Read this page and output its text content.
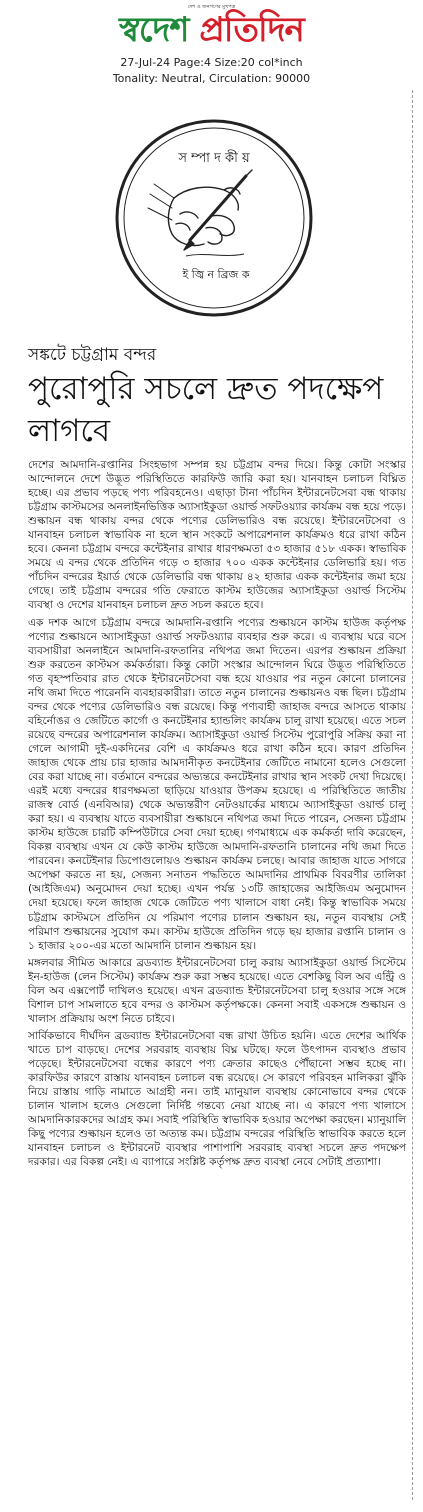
দেশ ও জনগণের মুখপত্র
স্বদেশ প্রতিদিন
27-Jul-24 Page:4 Size:20 col*inch
Tonality: Neutral, Circulation: 90000
স ম্পা দ কী য়
ই জ্বি ন ব্রিজ ক
সঙ্কটে চট্টগ্রাম বন্দর
পুরোপুরি সচলে দ্রুত পদক্ষেপ লাগবে

দেশের আমদানি-রপ্তানির সিংহভাগ সম্পন্ন হয় চট্টগ্রাম বন্দর দিয়ে। কিন্তু কোটা সংস্কার আন্দোলনে দেশে উদ্ভূত পরিস্থিতিতে কারফিউ জারি করা হয়। যানবাহন চলাচল বিঘ্নিত হচ্ছে। এর প্রভাব পড়ছে পণ্য পরিবহনেও। এছাড়া টানা পাঁচদিন ইন্টারনেটসেবা বন্ধ থাকায় চট্টগ্রাম কাস্টমসের অনলাইনভিত্তিক অ্যাসাইকুডা ওয়ার্ল্ড সফটওয়্যার কার্যক্রম বন্ধ হয়ে পড়ে। শুল্কায়ন বন্ধ থাকায় বন্দর থেকে পণ্যের ডেলিভারিও বন্ধ রয়েছে। ইন্টারনেটসেবা ও যানবাহন চলাচল স্বাভাবিক না হলে স্থান সংকটে অপারেশনাল কার্যক্রমও ধরে রাখা কঠিন হবে। কেননা চট্টগ্রাম বন্দরে কন্টেইনার রাখার ধারণক্ষমতা ৫৩ হাজার ৫১৮ একক। স্বাভাবিক সময়ে এ বন্দর থেকে প্রতিদিন গড়ে ৩ হাজার ৭০০ একক কন্টেইনার ডেলিভারি হয়। গত পাঁচদিন বন্দরের ইয়ার্ড থেকে ডেলিভারি বন্ধ থাকায় ৪২ হাজার একক কন্টেইনার জমা হয়ে গেছে। তাই চট্টগ্রাম বন্দরের গতি ফেরাতে কাস্টম হাউজের অ্যাসাইকুডা ওয়ার্ল্ড সিস্টেম ব্যবস্থা ও দেশের যানবাহন চলাচল দ্রুত সচল করতে হবে।

এক দশক আগে চট্টগ্রাম বন্দরে আমদানি-রপ্তানি পণ্যের শুল্কায়নে কাস্টম হাউজ কর্তৃপক্ষ পণ্যের শুল্কায়নে অ্যাসাইকুডা ওয়ার্ল্ড সফটওয়্যার ব্যবহার শুরু করে। এ ব্যবস্থায় ঘরে বসে ব্যবসায়ীরা অনলাইনে আমদানি-রফতানির নথিপত্র জমা দিতেন। এরপর শুল্কায়ন প্রক্রিয়া শুরু করতেন কাস্টমস কর্মকর্তারা। কিন্তু কোটা সংস্কার আন্দোলন ঘিরে উদ্ভূত পরিস্থিতিতে গত বৃহস্পতিবার রাত থেকে ইন্টারনেটসেবা বন্ধ হয়ে যাওয়ার পর নতুন কোনো চালানের নথি জমা দিতে পারেননি ব্যবহারকারীরা। তাতে নতুন চালানের শুল্কায়নও বন্ধ ছিল। চট্টগ্রাম বন্দর থেকে পণ্যের ডেলিভারিও বন্ধ রয়েছে। কিন্তু পণ্যবাহী জাহাজ বন্দরে আসতে থাকায় বহির্নোঙর ও জেটিতে কার্গো ও কনটেইনার হ্যান্ডলিং কার্যক্রম চালু রাখা হয়েছে। এতে সচল রয়েছে বন্দরের অপারেশনাল কার্যক্রম। অ্যাসাইকুডা ওয়ার্ল্ড সিস্টেম পুরোপুরি সক্রিয় করা না গেলে আগামী দুই-একদিনের বেশি এ কার্যক্রমও ধরে রাখা কঠিন হবে। কারণ প্রতিদিন জাহাজ থেকে প্রায় চার হাজার আমদানীকৃত কনটেইনার জেটিতে নামানো হলেও সেগুলো বের করা যাচ্ছে না। বর্তমানে বন্দরের অভ্যন্তরে কনটেইনার রাখার স্থান সংকট দেখা দিয়েছে। এরই মধ্যে বন্দরের ধারণক্ষমতা ছাড়িয়ে যাওয়ার উপক্রম হয়েছে। এ পরিস্থিতিতে জাতীয় রাজস্ব বোর্ড (এনবিআর) থেকে অভ্যন্তরীণ নেটওয়ার্কের মাধ্যমে অ্যাসাইকুডা ওয়ার্ল্ড চালু করা হয়। এ ব্যবস্থায় যাতে ব্যবসায়ীরা শুল্কায়নে নথিপত্র জমা দিতে পারেন, সেজন্য চট্টগ্রাম কাস্টম হাউজে চারটি কম্পিউটারে সেবা দেয়া হচ্ছে। গণমাধ্যমে এক কর্মকর্তা দাবি করেছেন, বিকল্প ব্যবস্থায় এখন যে কেউ কাস্টম হাউজে আমদানি-রফতানি চালানের নথি জমা দিতে পারবেন। কনটেইনার ডিপোগুলোয়ও শুল্কায়ন কার্যক্রম চলছে। আবার জাহাজ যাতে সাগরে অপেক্ষা করতে না হয়, সেজন্য সনাতন পদ্ধতিতে আমদানির প্রাথমিক বিবরণীর তালিকা (আইজিএম) অনুমোদন দেয়া হচ্ছে। এখন পর্যন্ত ১৩টি জাহাজের আইজিএম অনুমোদন দেয়া হয়েছে। ফলে জাহাজ থেকে জেটিতে পণ্য খালাসে বাধা নেই। কিন্তু স্বাভাবিক সময়ে চট্টগ্রাম কাস্টমসে প্রতিদিন যে পরিমাণ পণ্যের চালান শুল্কায়ন হয়, নতুন ব্যবস্থায় সেই পরিমাণ শুল্কায়নের সুযোগ কম। কাস্টম হাউজে প্রতিদিন গড়ে ছয় হাজার রপ্তানি চালান ও ১ হাজার ২০০-এর মতো আমদানি চালান শুল্কায়ন হয়।

মঙ্গলবার সীমিত আকারে ব্রডব্যান্ড ইন্টারনেটসেবা চালু করায় অ্যাসাইকুডা ওয়ার্ল্ড সিস্টেমে ইন-হাউজ (লেন সিস্টেম) কার্যক্রম শুরু করা সম্ভব হয়েছে। এতে বেশকিছু বিল অব এন্ট্রি ও বিল অব এক্সপোর্ট দাখিলও হয়েছে। এখন ব্রডব্যান্ড ইন্টারনেটসেবা চালু হওয়ার সঙ্গে সঙ্গে বিশাল চাপ সামলাতে হবে বন্দর ও কাস্টমস কর্তৃপক্ষকে। কেননা সবাই একসঙ্গে শুল্কায়ন ও খালাস প্রক্রিয়ায় অংশ নিতে চাইবে।

সার্বিকভাবে দীর্ঘদিন ব্রডব্যান্ড ইন্টারনেটসেবা বন্ধ রাখা উচিত হয়নি। এতে দেশের আর্থিক খাতে চাপ বাড়ছে। দেশের সরবরাহ ব্যবস্থায় বিঘ্ন ঘটছে। ফলে উৎপাদন ব্যবস্থাও প্রভাব পড়েছে। ইন্টারনেটসেবা বন্ধের কারণে পণ্য ক্রেতার কাছেও পৌঁছানো সম্ভব হচ্ছে না। কারফিউর কারণে রাস্তায় যানবাহন চলাচল বন্ধ রয়েছে। সে কারণে পরিবহন মালিকরা ঝুঁকি নিয়ে রাস্তায় গাড়ি নামাতে আগ্রহী নন। তাই ম্যানুয়াল ব্যবস্থায় কোনোভাবে বন্দর থেকে চালান খালাস হলেও সেগুলো নির্দিষ্ট গন্তব্যে নেয়া যাচ্ছে না। এ কারণে পণ্য খালাসে আমদানিকারকদের আগ্রহ কম। সবাই পরিস্থিতি স্বাভাবিক হওয়ার অপেক্ষা করছেন। ম্যানুয়ালি কিছু পণ্যের শুল্কায়ন হলেও তা অত্যন্ত কম। চট্টগ্রাম বন্দরের পরিস্থিতি স্বাভাবিক করতে হলে যানবাহন চলাচল ও ইন্টারনেট ব্যবস্থার পাশাপাশি সরবরাহ ব্যবস্থা সচলে দ্রুত পদক্ষেপ দরকার। এর বিকল্প নেই। এ ব্যাপারে সংশ্লিষ্ট কর্তৃপক্ষ দ্রুত ব্যবস্থা নেবে সেটাই প্রত্যাশা।
